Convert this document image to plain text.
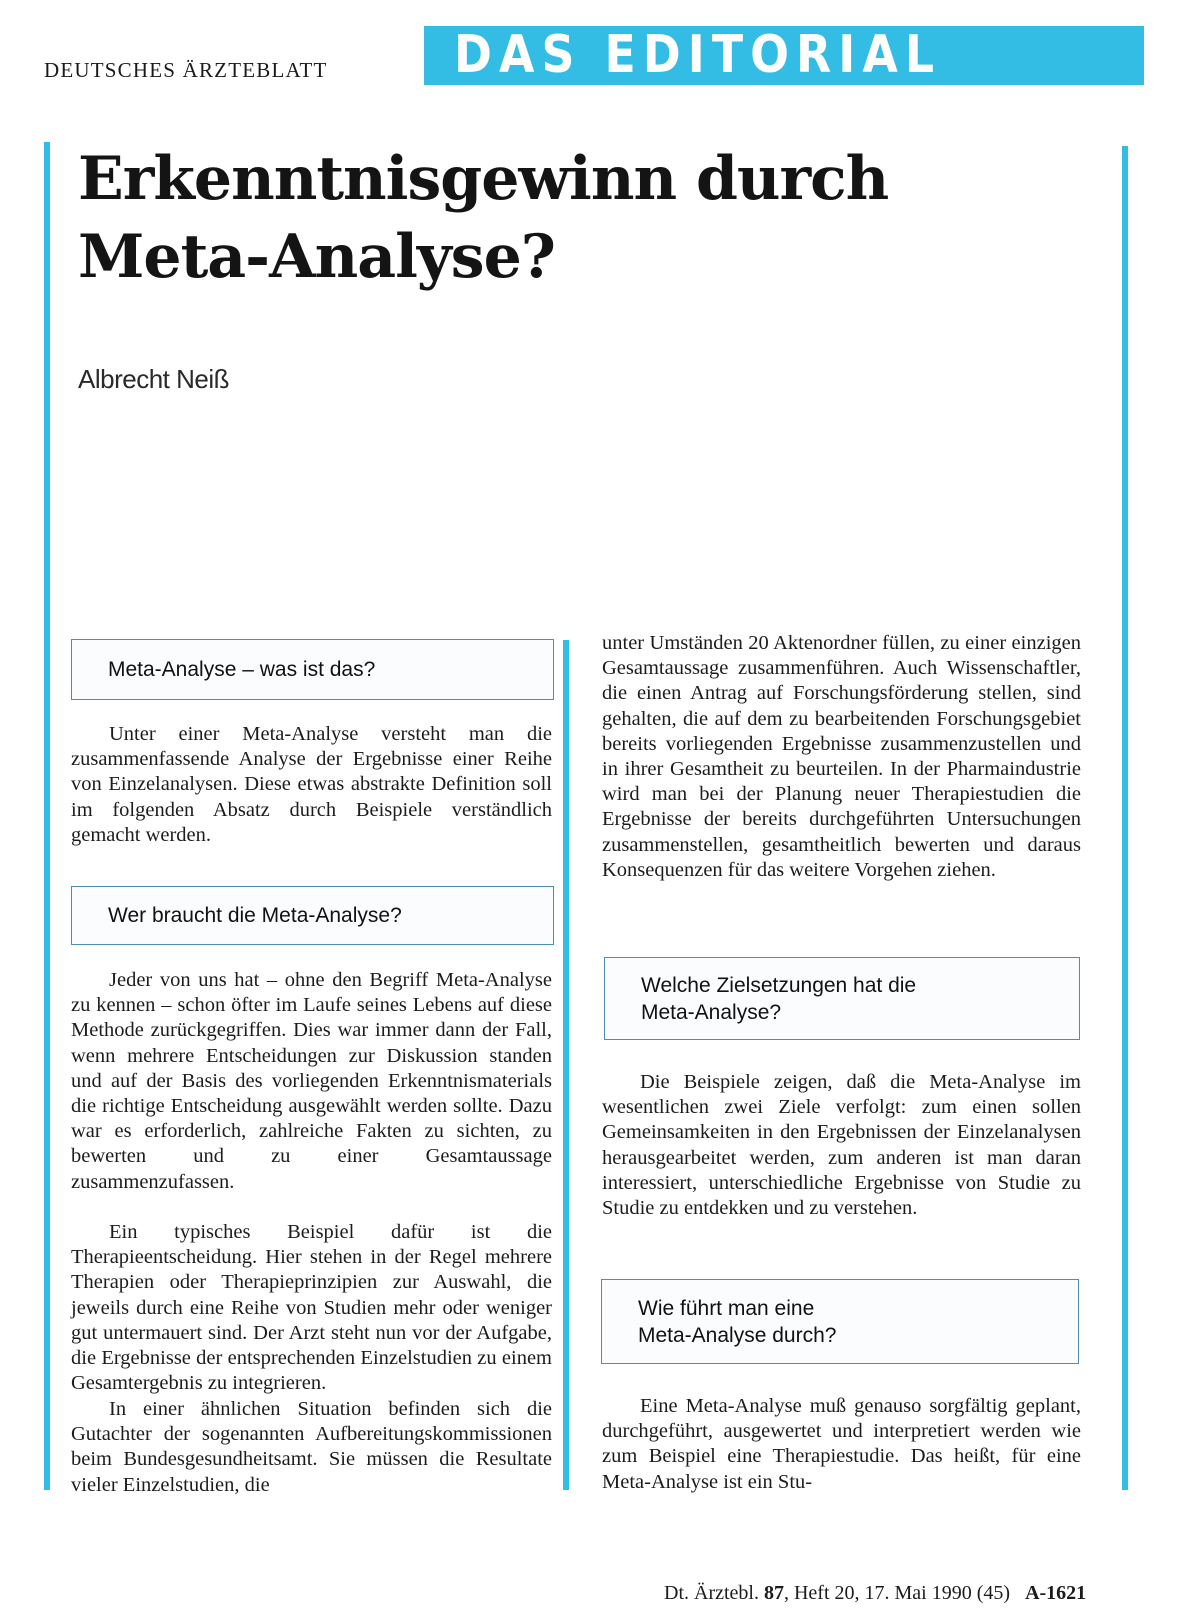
DEUTSCHES ÄRZTEBLATT DAS EDITORIAL
Erkenntnisgewinn durch
Meta-Analyse?
Albrecht Neiß
Meta-Analyse – was ist das?

Unter einer Meta-Analyse versteht man die zusammenfassende Analyse der Ergebnisse einer Reihe von Einzelanalysen. Diese etwas abstrakte Definition soll im folgenden Absatz durch Beispiele verständlich gemacht werden.

Wer braucht die Meta-Analyse?

Jeder von uns hat – ohne den Begriff Meta-Analyse zu kennen – schon öfter im Laufe seines Lebens auf diese Methode zurückgegriffen. Dies war immer dann der Fall, wenn mehrere Entscheidungen zur Diskussion standen und auf der Basis des vorliegenden Erkenntnismaterials die richtige Entscheidung ausgewählt werden sollte. Dazu war es erforderlich, zahlreiche Fakten zu sichten, zu bewerten und zu einer Gesamtaussage zusammenzufassen.

Ein typisches Beispiel dafür ist die Therapieentscheidung. Hier stehen in der Regel mehrere Therapien oder Therapieprinzipien zur Auswahl, die jeweils durch eine Reihe von Studien mehr oder weniger gut untermauert sind. Der Arzt steht nun vor der Aufgabe, die Ergebnisse der entsprechenden Einzelstudien zu einem Gesamtergebnis zu integrieren.

In einer ähnlichen Situation befinden sich die Gutachter der sogenannten Aufbereitungskommissionen beim Bundesgesundheitsamt. Sie müssen die Resultate vieler Einzelstudien, die

unter Umständen 20 Aktenordner füllen, zu einer einzigen Gesamtaussage zusammenführen. Auch Wissenschaftler, die einen Antrag auf Forschungsförderung stellen, sind gehalten, die auf dem zu bearbeitenden Forschungsgebiet bereits vorliegenden Ergebnisse zusammenzustellen und in ihrer Gesamtheit zu beurteilen. In der Pharmaindustrie wird man bei der Planung neuer Therapiestudien die Ergebnisse der bereits durchgeführten Untersuchungen zusammenstellen, gesamtheitlich bewerten und daraus Konsequenzen für das weitere Vorgehen ziehen.

Welche Zielsetzungen hat die
Meta-Analyse?

Die Beispiele zeigen, daß die Meta-Analyse im wesentlichen zwei Ziele verfolgt: zum einen sollen Gemeinsamkeiten in den Ergebnissen der Einzelanalysen herausgearbeitet werden, zum anderen ist man daran interessiert, unterschiedliche Ergebnisse von Studie zu Studie zu entdekken und zu verstehen.

Wie führt man eine
Meta-Analyse durch?

Eine Meta-Analyse muß genauso sorgfältig geplant, durchgeführt, ausgewertet und interpretiert werden wie zum Beispiel eine Therapiestudie. Das heißt, für eine Meta-Analyse ist ein Stu-

Dt. Ärztebl. 87, Heft 20, 17. Mai 1990 (45) A-1621
